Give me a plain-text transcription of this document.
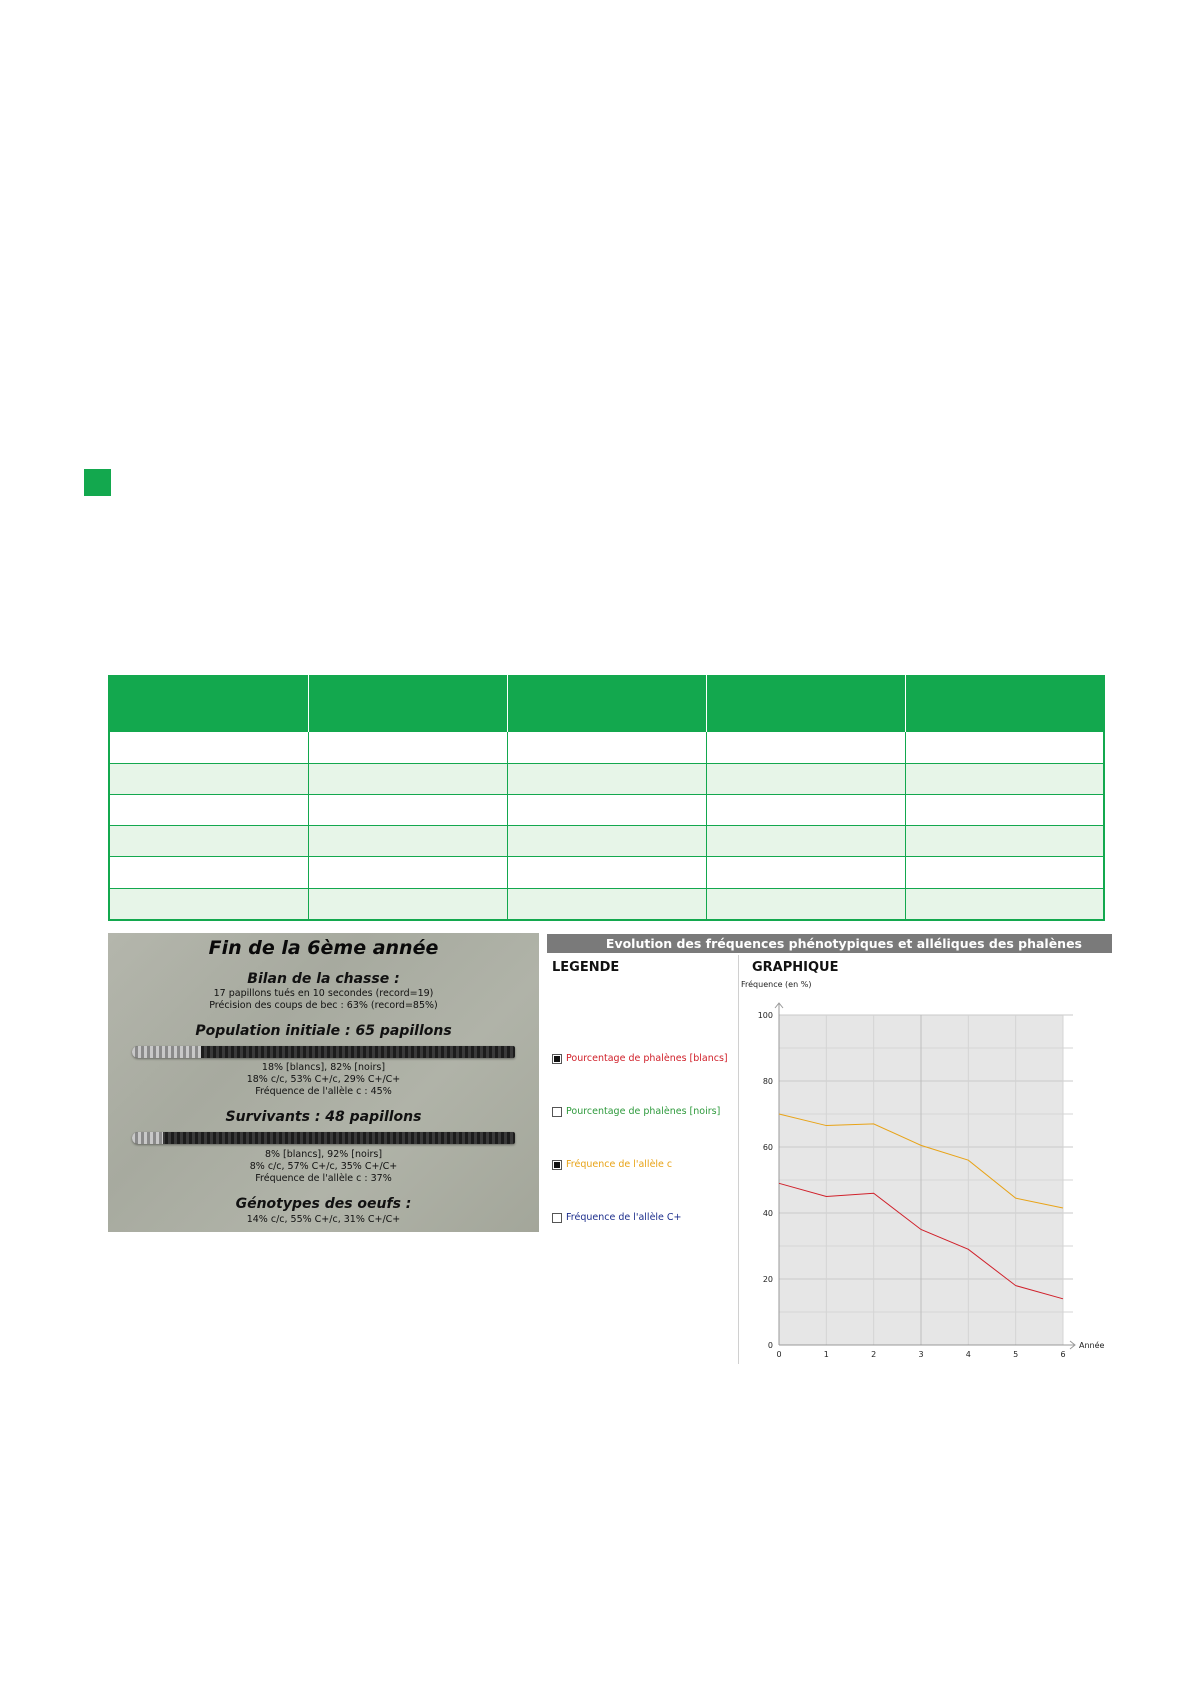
Fin de la 6ème année
Bilan de la chasse :
17 papillons tués en 10 secondes (record=19)
Précision des coups de bec : 63% (record=85%)
Population initiale : 65 papillons
18% [blancs], 82% [noirs]
18% c/c, 53% C+/c, 29% C+/C+
Fréquence de l'allèle c : 45%
Survivants : 48 papillons
8% [blancs], 92% [noirs]
8% c/c, 57% C+/c, 35% C+/C+
Fréquence de l'allèle c : 37%
Génotypes des oeufs :
14% c/c, 55% C+/c, 31% C+/C+
Evolution des fréquences phénotypiques et alléliques des phalènes
LEGENDE	GRAPHIQUE
Pourcentage de phalènes [blancs]
Pourcentage de phalènes [noirs]
Fréquence de l'allèle c
Fréquence de l'allèle C+
0
20
40
60
80
100
0	1	2	3	4	5	6
Fréquence (en %)
Année
